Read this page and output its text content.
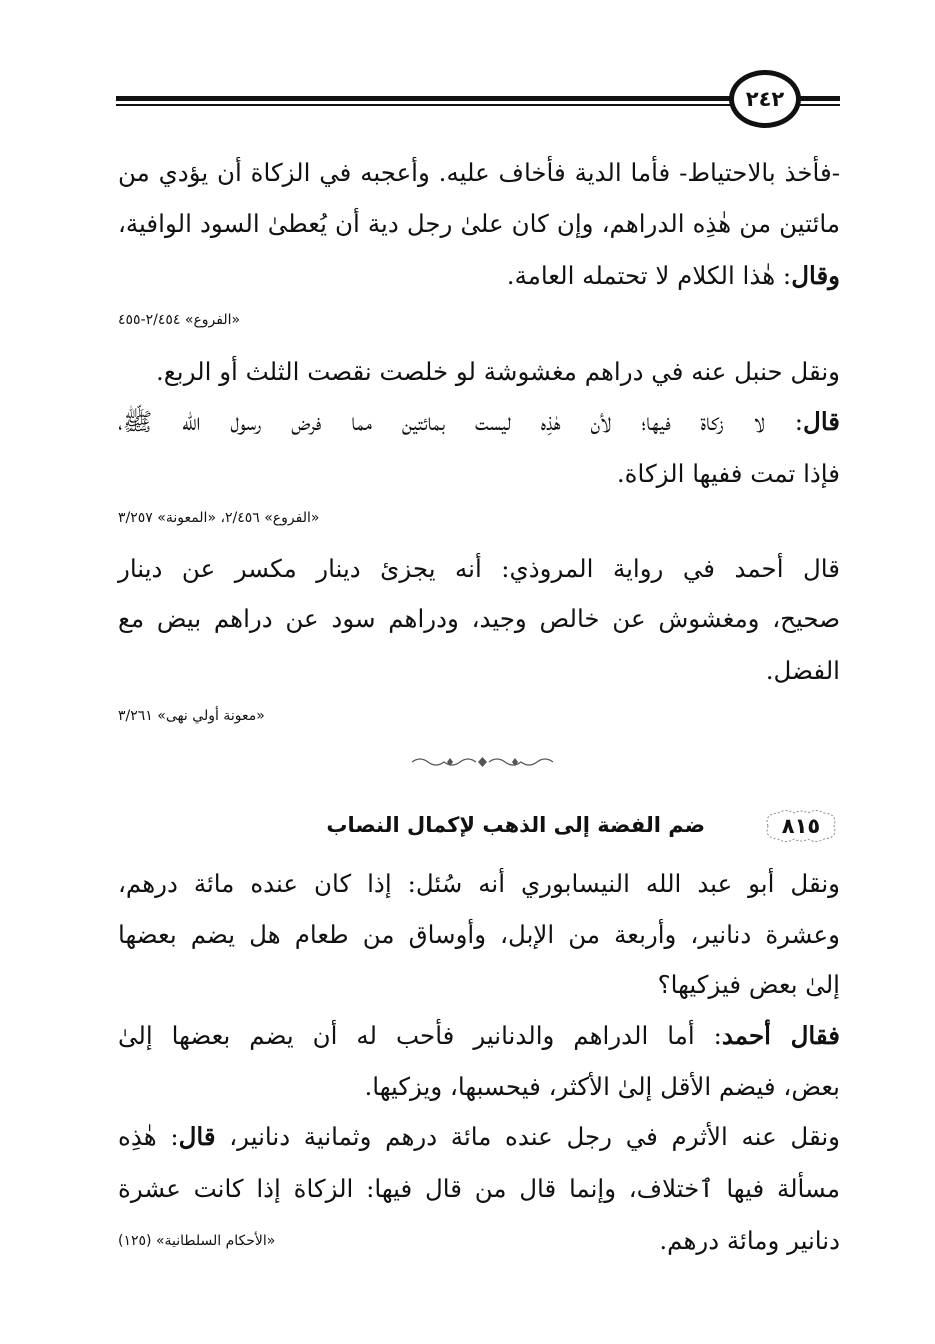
٢٤٢
-فأخذ بالاحتياط- فأما الدية فأخاف عليه. وأعجبه في الزكاة أن يؤدي من
مائتين من هٰذِه الدراهم، وإن كان علىٰ رجل دية أن يُعطىٰ السود الوافية،
وقال: هٰذا الكلام لا تحتمله العامة.
«الفروع» ٢/٤٥٤-٤٥٥
ونقل حنبل عنه في دراهم مغشوشة لو خلصت نقصت الثلث أو الربع.
قال: لا زكاة فيها؛ لأن هٰذِه ليست بمائتين مما فرض رسول الله ﷺ،
فإذا تمت ففيها الزكاة.
«الفروع» ٢/٤٥٦، «المعونة» ٣/٢٥٧
قال أحمد في رواية المروذي: أنه يجزئ دينار مكسر عن دينار
صحيح، ومغشوش عن خالص وجيد، ودراهم سود عن دراهم بيض مع
الفضل.
«معونة أولي نهى» ٣/٢٦١
٨١٥
ضم الفضة إلى الذهب لإكمال النصاب
ونقل أبو عبد الله النيسابوري أنه سُئل: إذا كان عنده مائة درهم،
وعشرة دنانير، وأربعة من الإبل، وأوساق من طعام هل يضم بعضها
إلىٰ بعض فيزكيها؟
فقال أحمد: أما الدراهم والدنانير فأحب له أن يضم بعضها إلىٰ
بعض، فيضم الأقل إلىٰ الأكثر، فيحسبها، ويزكيها.
ونقل عنه الأثرم في رجل عنده مائة درهم وثمانية دنانير، قال: هٰذِه
مسألة فيها ٱختلاف، وإنما قال من قال فيها: الزكاة إذا كانت عشرة
دنانير ومائة درهم.
«الأحكام السلطانية» (١٢٥)
